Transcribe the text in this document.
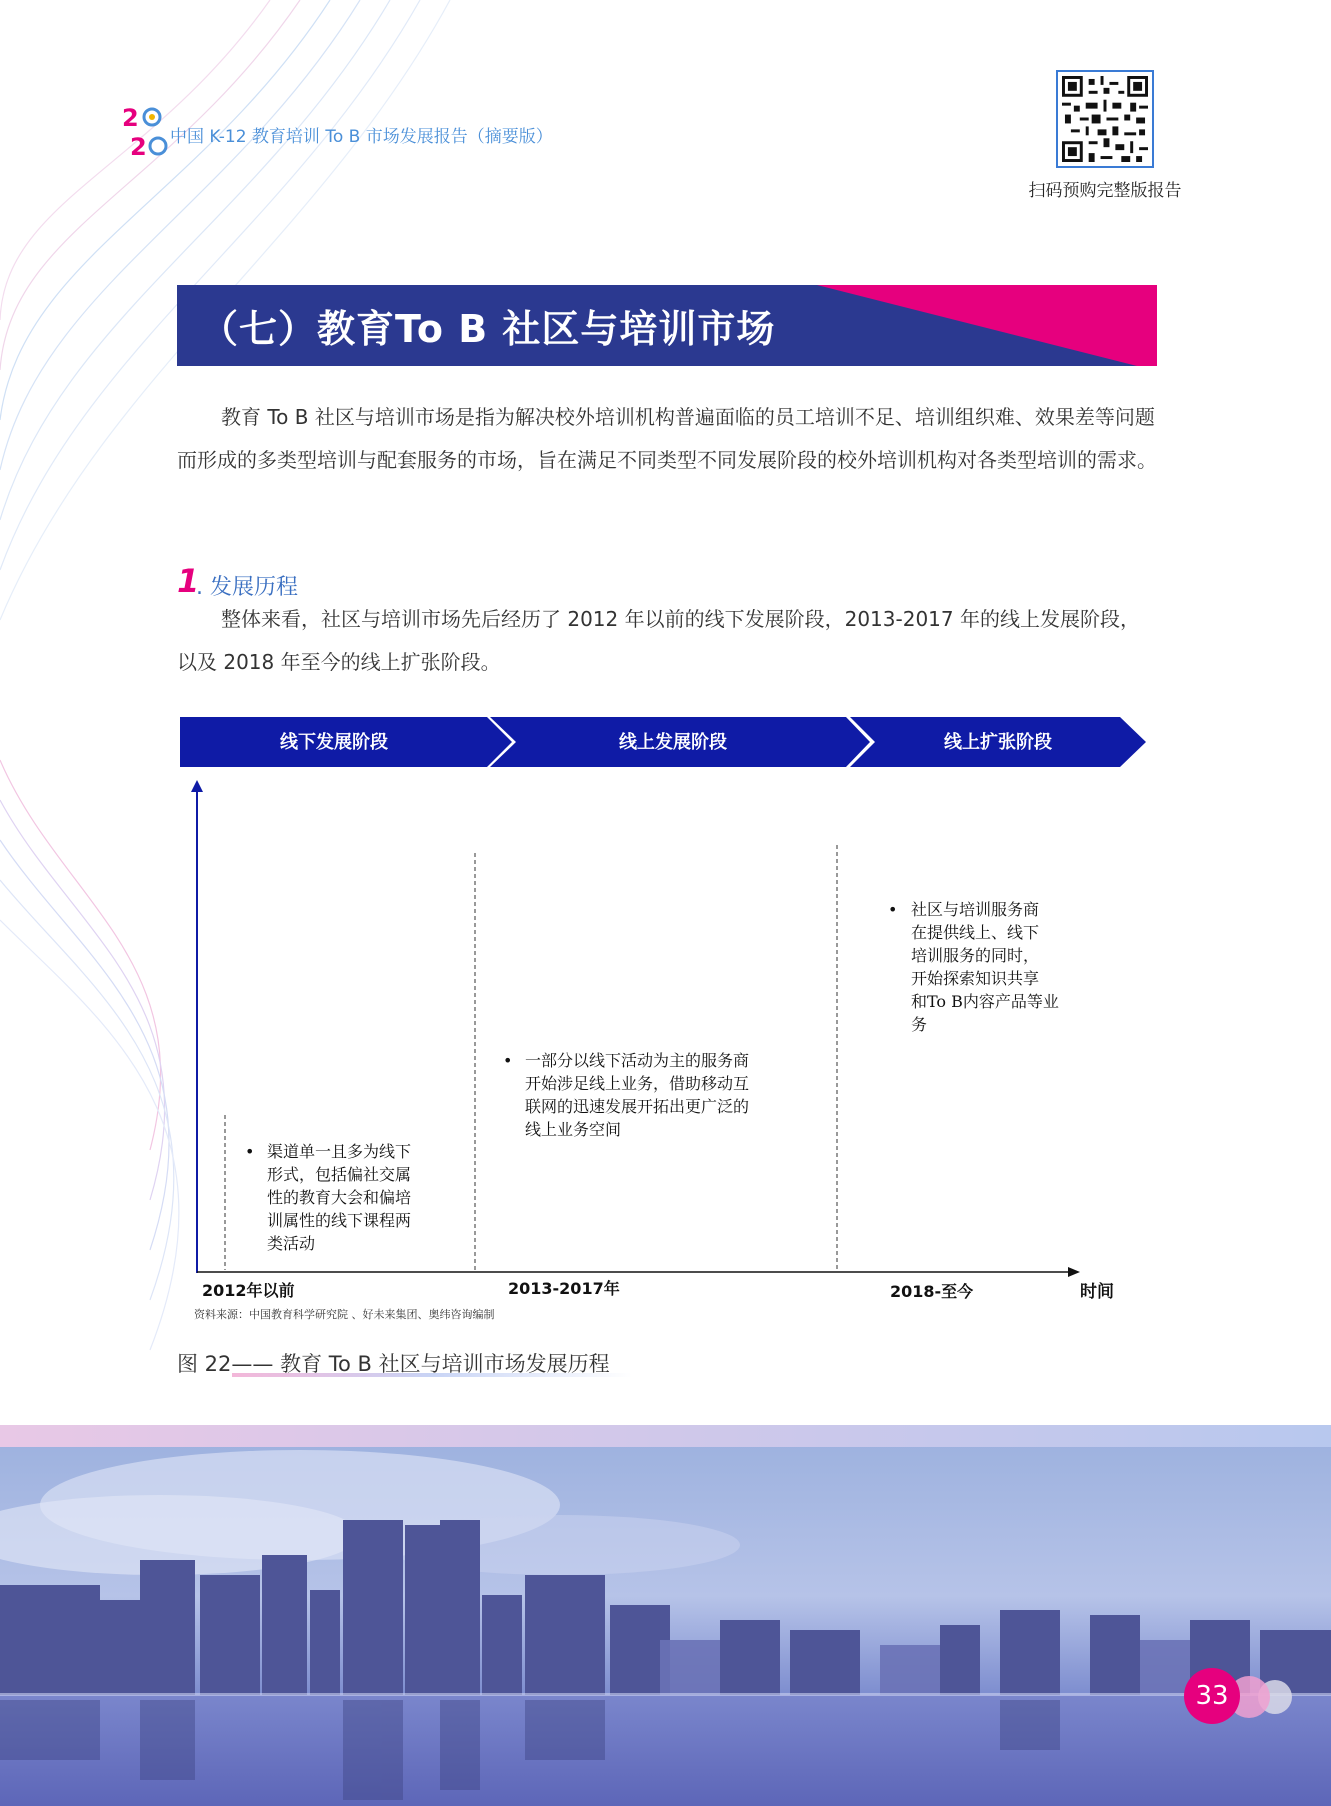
2
2 中国 K-12 教育培训 To B 市场发展报告（摘要版）
扫码预购完整版报告
（七）教育To B 社区与培训市场
教育 To B 社区与培训市场是指为解决校外培训机构普遍面临的员工培训不足、培训组织难、效果差等问题而形成的多类型培训与配套服务的市场，旨在满足不同类型不同发展阶段的校外培训机构对各类型培训的需求。
1
. 发展历程
整体来看，社区与培训市场先后经历了 2012 年以前的线下发展阶段，2013-2017 年的线上发展阶段，以及 2018 年至今的线上扩张阶段。
线下发展阶段	线上发展阶段	线上扩张阶段
2012年以前	2013-2017年	2018-至今	时间
资料来源：中国教育科学研究院 、好未来集团、奥纬咨询编制
• 渠道单一且多为线下
形式，包括偏社交属
性的教育大会和偏培
训属性的线下课程两
类活动
• 一部分以线下活动为主的服务商
开始涉足线上业务，借助移动互
联网的迅速发展开拓出更广泛的
线上业务空间
• 社区与培训服务商
在提供线上、线下
培训服务的同时，
开始探索知识共享
和To B内容产品等业
务
图 22—— 教育 To B 社区与培训市场发展历程
33
